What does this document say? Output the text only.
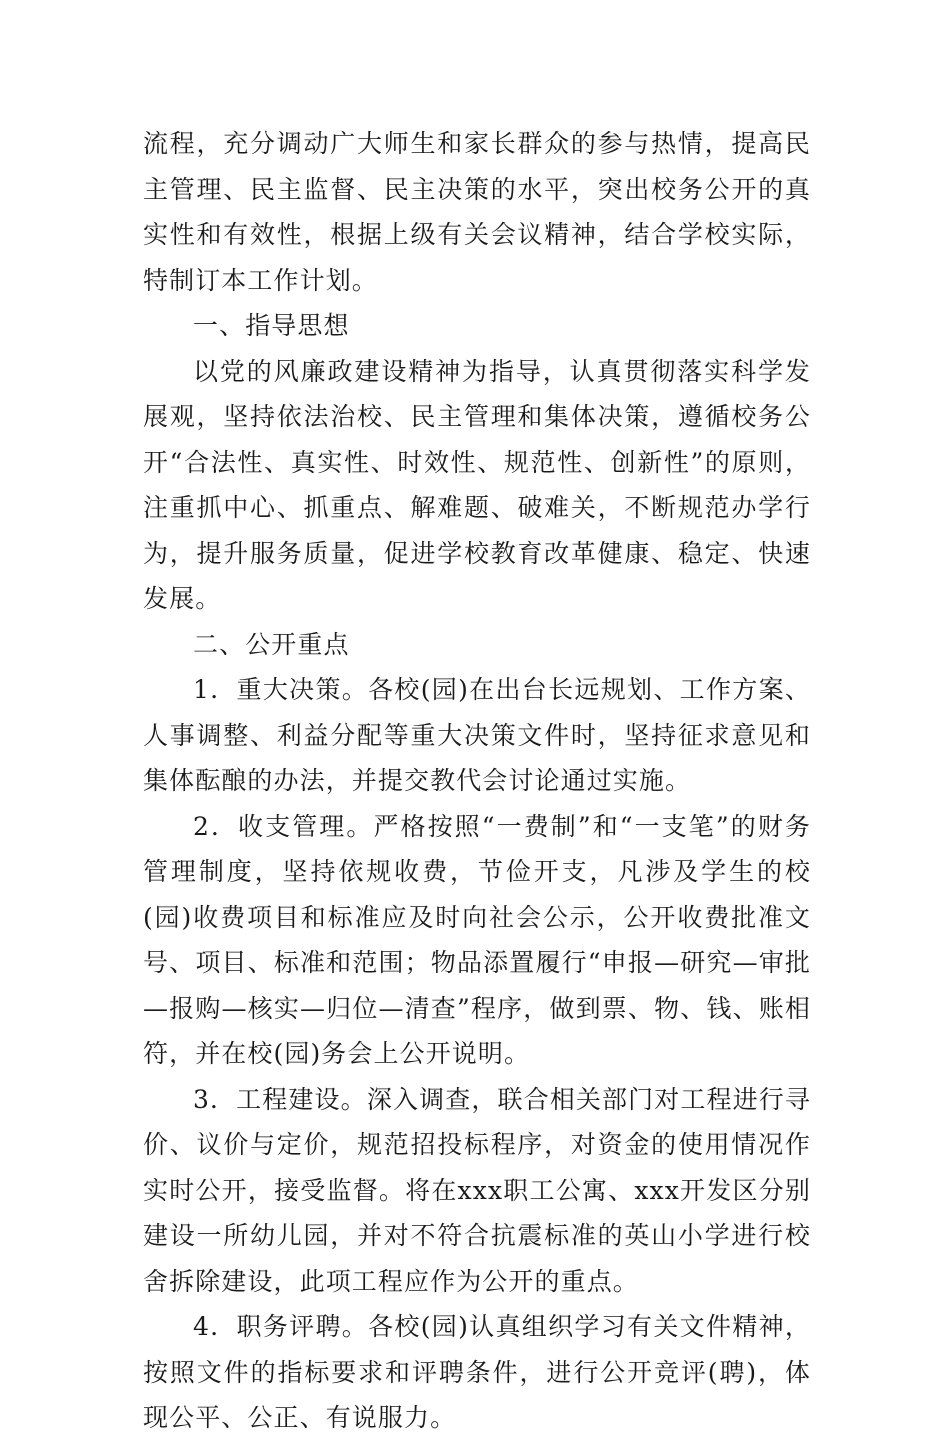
流程，充分调动广大师生和家长群众的参与热情，提高民主管理、民主监督、民主决策的水平，突出校务公开的真实性和有效性，根据上级有关会议精神，结合学校实际，特制订本工作计划。

一、指导思想

以党的风廉政建设精神为指导，认真贯彻落实科学发展观，坚持依法治校、民主管理和集体决策，遵循校务公开“合法性、真实性、时效性、规范性、创新性”的原则，注重抓中心、抓重点、解难题、破难关，不断规范办学行为，提升服务质量，促进学校教育改革健康、稳定、快速发展。

二、公开重点

1．重大决策。各校(园)在出台长远规划、工作方案、人事调整、利益分配等重大决策文件时，坚持征求意见和集体酝酿的办法，并提交教代会讨论通过实施。

2．收支管理。严格按照“一费制”和“一支笔”的财务管理制度，坚持依规收费，节俭开支，凡涉及学生的校(园)收费项目和标准应及时向社会公示，公开收费批准文号、项目、标准和范围；物品添置履行“申报—研究—审批—报购—核实—归位—清查”程序，做到票、物、钱、账相符，并在校(园)务会上公开说明。

3．工程建设。深入调查，联合相关部门对工程进行寻价、议价与定价，规范招投标程序，对资金的使用情况作实时公开，接受监督。将在xxx职工公寓、xxx开发区分别建设一所幼儿园，并对不符合抗震标准的英山小学进行校舍拆除建设，此项工程应作为公开的重点。

4．职务评聘。各校(园)认真组织学习有关文件精神，按照文件的指标要求和评聘条件，进行公开竞评(聘)，体现公平、公正、有说服力。
